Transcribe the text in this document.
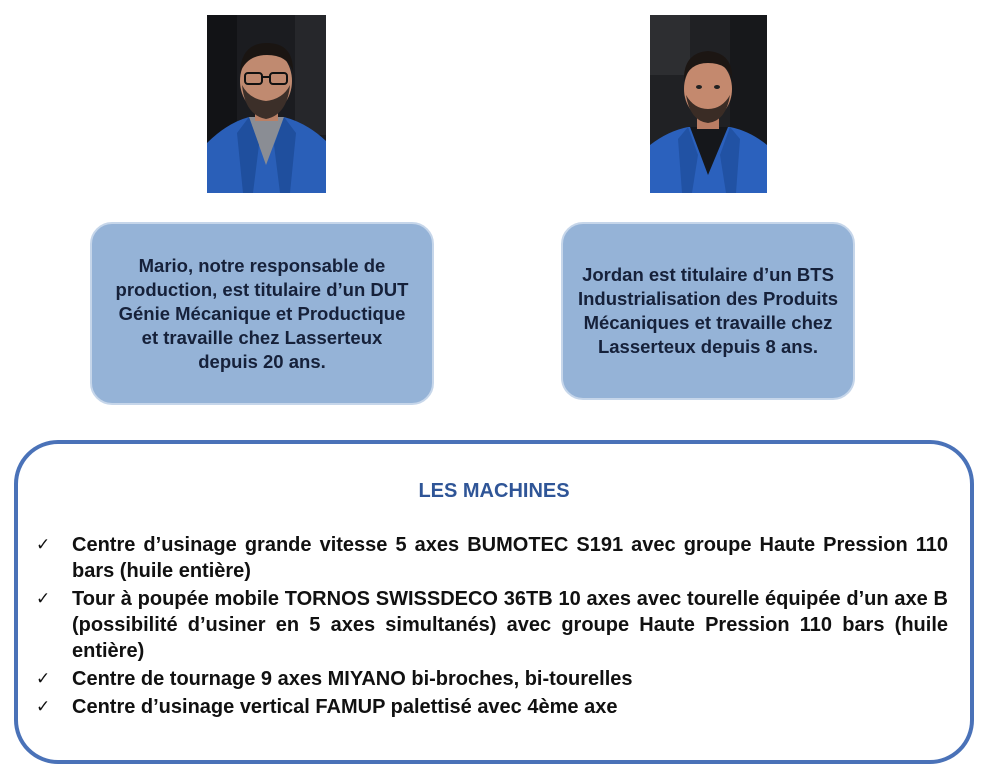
Mario, notre responsable de production, est titulaire d’un DUT Génie Mécanique et Productique et travaille chez Lasserteux depuis 20 ans.
Jordan est titulaire d’un BTS Industrialisation des Produits Mécaniques et travaille chez Lasserteux depuis 8 ans.
LES MACHINES
✓	Centre d’usinage grande vitesse 5 axes BUMOTEC S191 avec groupe Haute Pression 110 bars (huile entière)
✓	Tour à poupée mobile TORNOS SWISSDECO 36TB 10 axes avec tourelle équipée d’un axe B (possibilité d’usiner en 5 axes simultanés) avec groupe Haute Pression 110 bars (huile entière)
✓	Centre de tournage 9 axes MIYANO bi-broches, bi-tourelles
✓	Centre d’usinage vertical FAMUP palettisé avec 4ème axe
